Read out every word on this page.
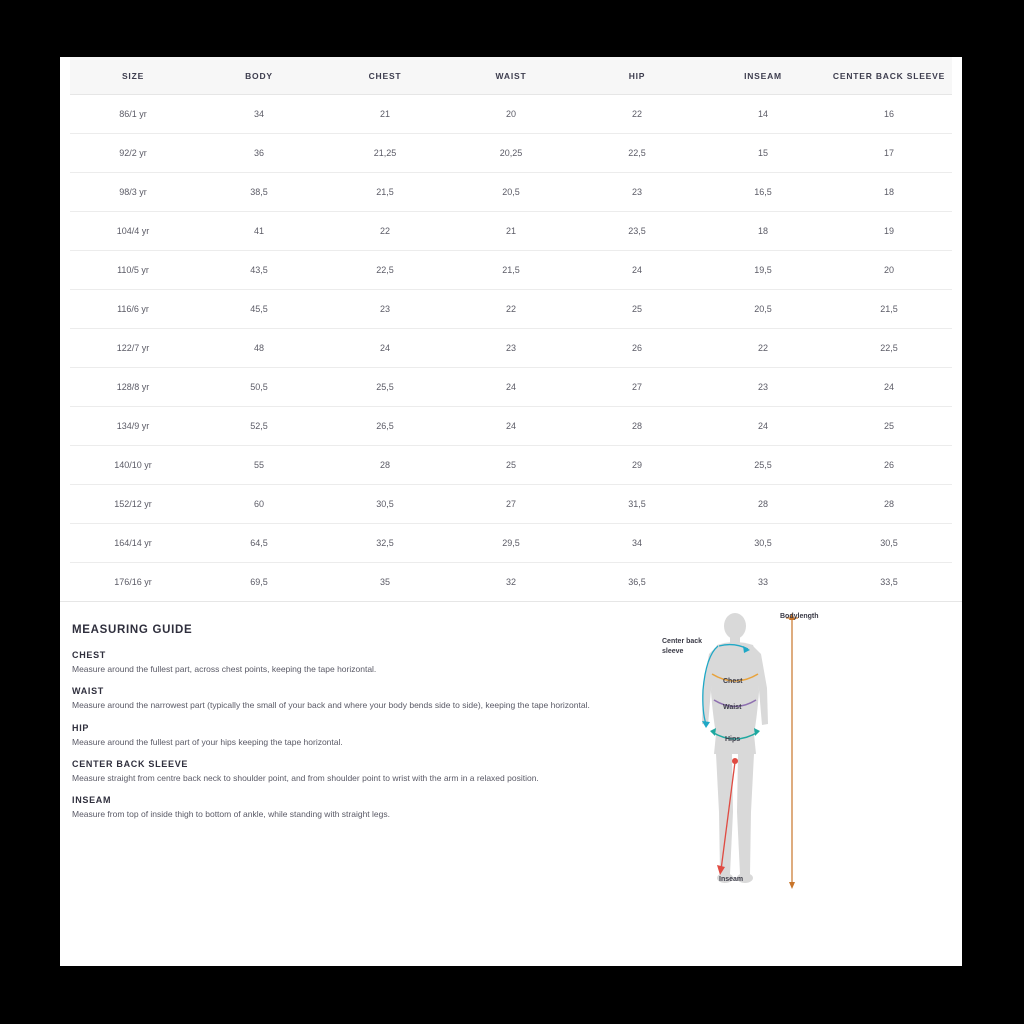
SIZE	BODY	CHEST	WAIST	HIP	INSEAM	CENTER BACK SLEEVE
86/1 yr	34	21	20	22	14	16
92/2 yr	36	21,25	20,25	22,5	15	17
98/3 yr	38,5	21,5	20,5	23	16,5	18
104/4 yr	41	22	21	23,5	18	19
110/5 yr	43,5	22,5	21,5	24	19,5	20
116/6 yr	45,5	23	22	25	20,5	21,5
122/7 yr	48	24	23	26	22	22,5
128/8 yr	50,5	25,5	24	27	23	24
134/9 yr	52,5	26,5	24	28	24	25
140/10 yr	55	28	25	29	25,5	26
152/12 yr	60	30,5	27	31,5	28	28
164/14 yr	64,5	32,5	29,5	34	30,5	30,5
176/16 yr	69,5	35	32	36,5	33	33,5
MEASURING GUIDE
CHEST

Measure around the fullest part, across chest points, keeping the tape horizontal.

WAIST

Measure around the narrowest part (typically the small of your back and where your body bends side to side), keeping the tape horizontal.

HIP

Measure around the fullest part of your hips keeping the tape horizontal.

CENTER BACK SLEEVE

Measure straight from centre back neck to shoulder point, and from shoulder point to wrist with the arm in a relaxed position.

INSEAM

Measure from top of inside thigh to bottom of ankle, while standing with straight legs.

Bodylength
Center back
sleeve
Chest
Waist
Hips
Inseam
